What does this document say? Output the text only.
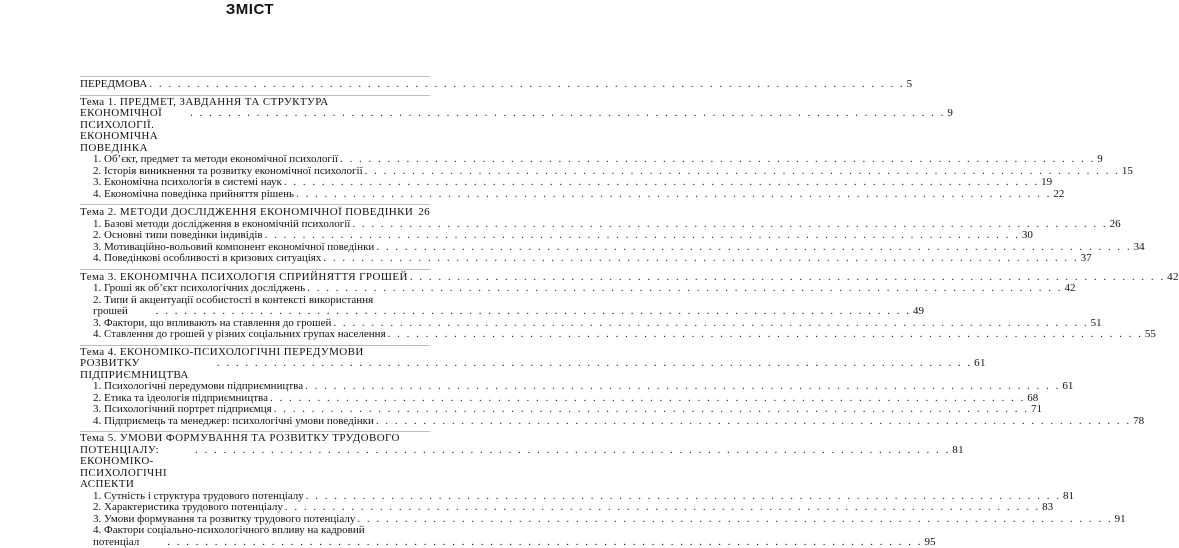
ЗМІСТ
ПЕРЕДМОВА . . . . . . . . . . . . . . . . . . . . . . . . . . . . . . . . . . . . . . . . . . . . . . . . . . . . . . . . . . . . . . . . . . . . . . . . . . . . . . . . 5
Тема 1. ПРЕДМЕТ, ЗАВДАННЯ ТА СТРУКТУРА
ЕКОНОМІЧНОЇ ПСИХОЛОГІЇ. ЕКОНОМІЧНА ПОВЕДІНКА
. . . . . . . . . . . . . . . . . . . . . . . . . . . . . . . . . . . . . . . . . . . . . . . . . . . . . . . . . . . . . . . . . . . . . . . . . . . . . . . . 9
1. Об’єкт, предмет та методи економічної психології . . . . . . . . . . . . . . . . . . . . . . . . . . . . . . . . . . . . . . . . . . . . . . . . . . . . . . . . . . . . . . . . . . . . . . . . . . . . . . . . 9
2. Історія виникнення та розвитку економічної психології . . . . . . . . . . . . . . . . . . . . . . . . . . . . . . . . . . . . . . . . . . . . . . . . . . . . . . . . . . . . . . . . . . . . . . . . . . . . . . . . 15
3. Економічна психологія в системі наук . . . . . . . . . . . . . . . . . . . . . . . . . . . . . . . . . . . . . . . . . . . . . . . . . . . . . . . . . . . . . . . . . . . . . . . . . . . . . . . . 19
4. Економічна поведінка прийняття рішень . . . . . . . . . . . . . . . . . . . . . . . . . . . . . . . . . . . . . . . . . . . . . . . . . . . . . . . . . . . . . . . . . . . . . . . . . . . . . . . . 22
Тема 2. МЕТОДИ ДОСЛІДЖЕННЯ ЕКОНОМІЧНОЇ ПОВЕДІНКИ 26
1. Базові методи дослідження в економічній психології . . . . . . . . . . . . . . . . . . . . . . . . . . . . . . . . . . . . . . . . . . . . . . . . . . . . . . . . . . . . . . . . . . . . . . . . . . . . . . . . 26
2. Основні типи поведінки індивідів . . . . . . . . . . . . . . . . . . . . . . . . . . . . . . . . . . . . . . . . . . . . . . . . . . . . . . . . . . . . . . . . . . . . . . . . . . . . . . . . 30
3. Мотиваційно-вольовий компонент економічної поведінки . . . . . . . . . . . . . . . . . . . . . . . . . . . . . . . . . . . . . . . . . . . . . . . . . . . . . . . . . . . . . . . . . . . . . . . . . . . . . . . . 34
4. Поведінкові особливості в кризових ситуаціях . . . . . . . . . . . . . . . . . . . . . . . . . . . . . . . . . . . . . . . . . . . . . . . . . . . . . . . . . . . . . . . . . . . . . . . . . . . . . . . . 37
Тема 3. ЕКОНОМІЧНА ПСИХОЛОГІЯ СПРИЙНЯТТЯ ГРОШЕЙ . . . . . . . . . . . . . . . . . . . . . . . . . . . . . . . . . . . . . . . . . . . . . . . . . . . . . . . . . . . . . . . . . . . . . . . . . . . . . . . . 42
1. Гроші як об’єкт психологічних досліджень . . . . . . . . . . . . . . . . . . . . . . . . . . . . . . . . . . . . . . . . . . . . . . . . . . . . . . . . . . . . . . . . . . . . . . . . . . . . . . . . 42
2. Типи й акцентуації особистості в контексті використання
грошей	. . . . . . . . . . . . . . . . . . . . . . . . . . . . . . . . . . . . . . . . . . . . . . . . . . . . . . . . . . . . . . . . . . . . . . . . . . . . . . . . 49
3. Фактори, що впливають на ставлення до грошей . . . . . . . . . . . . . . . . . . . . . . . . . . . . . . . . . . . . . . . . . . . . . . . . . . . . . . . . . . . . . . . . . . . . . . . . . . . . . . . . 51
4. Ставлення до грошей у різних соціальних групах населення . . . . . . . . . . . . . . . . . . . . . . . . . . . . . . . . . . . . . . . . . . . . . . . . . . . . . . . . . . . . . . . . . . . . . . . . . . . . . . . . 55
Тема 4. ЕКОНОМІКО-ПСИХОЛОГІЧНІ ПЕРЕДУМОВИ
РОЗВИТКУ ПІДПРИЄМНИЦТВА
. . . . . . . . . . . . . . . . . . . . . . . . . . . . . . . . . . . . . . . . . . . . . . . . . . . . . . . . . . . . . . . . . . . . . . . . . . . . . . . . 61
1. Психологічні передумови підприємництва . . . . . . . . . . . . . . . . . . . . . . . . . . . . . . . . . . . . . . . . . . . . . . . . . . . . . . . . . . . . . . . . . . . . . . . . . . . . . . . . 61
2. Етика та ідеологія підприємництва . . . . . . . . . . . . . . . . . . . . . . . . . . . . . . . . . . . . . . . . . . . . . . . . . . . . . . . . . . . . . . . . . . . . . . . . . . . . . . . . 68
3. Психологічний портрет підприємця . . . . . . . . . . . . . . . . . . . . . . . . . . . . . . . . . . . . . . . . . . . . . . . . . . . . . . . . . . . . . . . . . . . . . . . . . . . . . . . . 71
4. Підприємець та менеджер: психологічні умови поведінки . . . . . . . . . . . . . . . . . . . . . . . . . . . . . . . . . . . . . . . . . . . . . . . . . . . . . . . . . . . . . . . . . . . . . . . . . . . . . . . . 78
Тема 5. УМОВИ ФОРМУВАННЯ ТА РОЗВИТКУ ТРУДОВОГО
ПОТЕНЦІАЛУ: ЕКОНОМІКО-ПСИХОЛОГІЧНІ АСПЕКТИ
. . . . . . . . . . . . . . . . . . . . . . . . . . . . . . . . . . . . . . . . . . . . . . . . . . . . . . . . . . . . . . . . . . . . . . . . . . . . . . . . 81
1. Сутність і структура трудового потенціалу . . . . . . . . . . . . . . . . . . . . . . . . . . . . . . . . . . . . . . . . . . . . . . . . . . . . . . . . . . . . . . . . . . . . . . . . . . . . . . . . 81
2. Характеристика трудового потенціалу . . . . . . . . . . . . . . . . . . . . . . . . . . . . . . . . . . . . . . . . . . . . . . . . . . . . . . . . . . . . . . . . . . . . . . . . . . . . . . . . 83
3. Умови формування та розвитку трудового потенціалу . . . . . . . . . . . . . . . . . . . . . . . . . . . . . . . . . . . . . . . . . . . . . . . . . . . . . . . . . . . . . . . . . . . . . . . . . . . . . . . . 91
4. Фактори соціально-психологічного впливу на кадровий
потенціал	. . . . . . . . . . . . . . . . . . . . . . . . . . . . . . . . . . . . . . . . . . . . . . . . . . . . . . . . . . . . . . . . . . . . . . . . . . . . . . . . 95
